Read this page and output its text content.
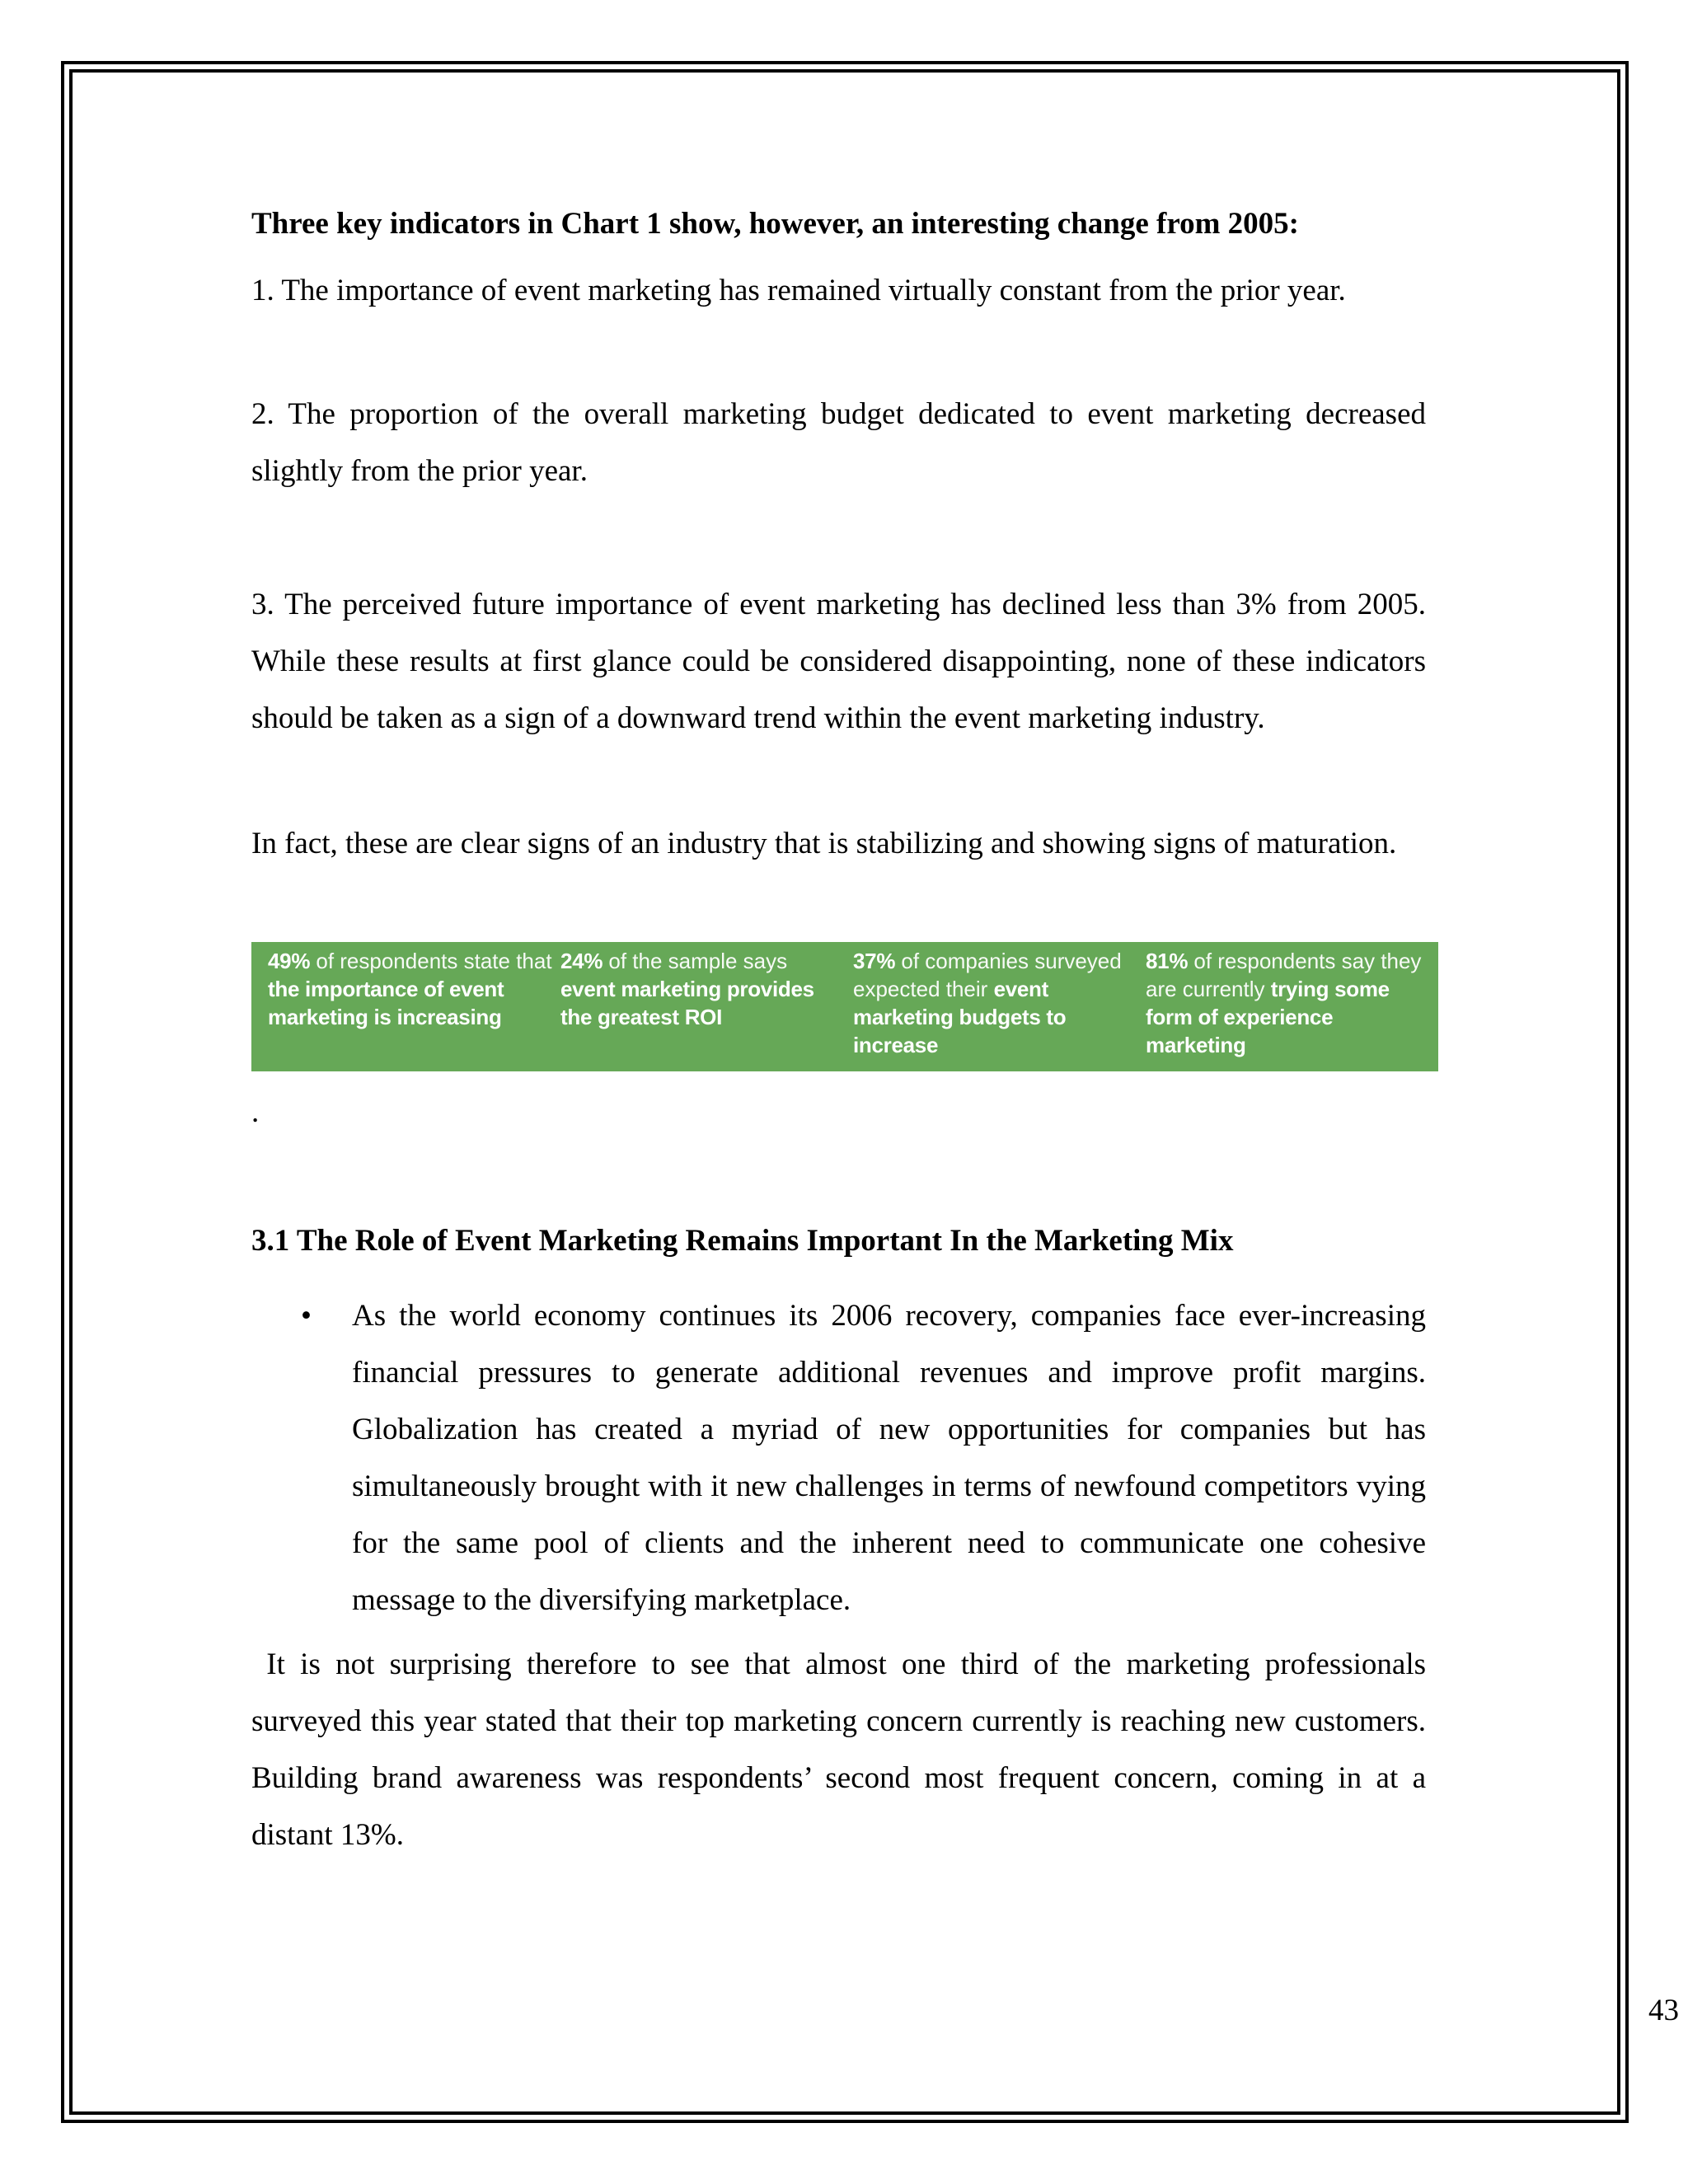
Three key indicators in Chart 1 show, however, an interesting change from 2005:

1. The importance of event marketing has remained virtually constant from the prior year.

2. The proportion of the overall marketing budget dedicated to event marketing decreased slightly from the prior year.

3. The perceived future importance of event marketing has declined less than 3% from 2005. While these results at first glance could be considered disappointing, none of these indicators should be taken as a sign of a downward trend within the event marketing industry.

In fact, these are clear signs of an industry that is stabilizing and showing signs of maturation.

49% of respondents state that the importance of event marketing is increasing
24% of the sample says event marketing provides the greatest ROI
37% of companies surveyed expected their event marketing budgets to increase
81% of respondents say they are currently trying some form of experience marketing
.
3.1 The Role of Event Marketing Remains Important In the Marketing Mix
• As the world economy continues its 2006 recovery, companies face ever-increasing financial pressures to generate additional revenues and improve profit margins. Globalization has created a myriad of new opportunities for companies but has simultaneously brought with it new challenges in terms of newfound competitors vying for the same pool of clients and the inherent need to communicate one cohesive message to the diversifying marketplace.

It is not surprising therefore to see that almost one third of the marketing professionals surveyed this year stated that their top marketing concern currently is reaching new customers. Building brand awareness was respondents’ second most frequent concern, coming in at a distant 13%.

43
